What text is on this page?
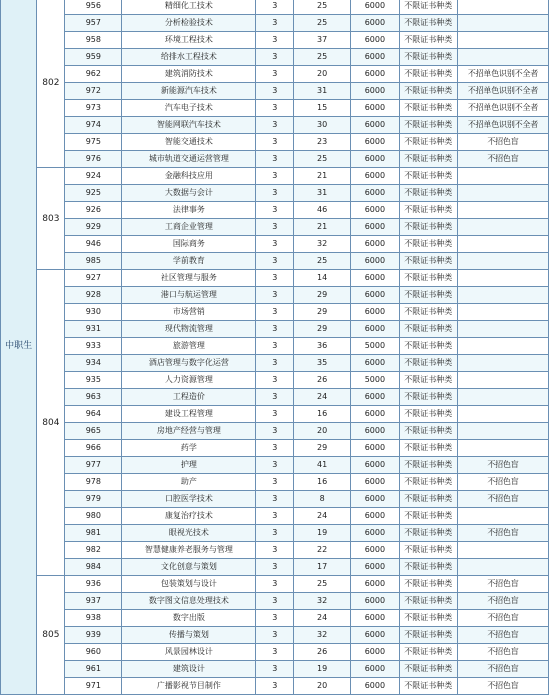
中职生	802	956	精细化工技术	3	25	6000	不限证书种类	
		957	分析检验技术	3	25	6000	不限证书种类	
		958	环境工程技术	3	37	6000	不限证书种类	
		959	给排水工程技术	3	25	6000	不限证书种类	
		962	建筑消防技术	3	20	6000	不限证书种类	不招单色识别不全者
		972	新能源汽车技术	3	31	6000	不限证书种类	不招单色识别不全者
		973	汽车电子技术	3	15	6000	不限证书种类	不招单色识别不全者
		974	智能网联汽车技术	3	30	6000	不限证书种类	不招单色识别不全者
		975	智能交通技术	3	23	6000	不限证书种类	不招色盲
		976	城市轨道交通运营管理	3	25	6000	不限证书种类	不招色盲
	803	924	金融科技应用	3	21	6000	不限证书种类	
		925	大数据与会计	3	31	6000	不限证书种类	
		926	法律事务	3	46	6000	不限证书种类	
		929	工商企业管理	3	21	6000	不限证书种类	
		946	国际商务	3	32	6000	不限证书种类	
		985	学前教育	3	25	6000	不限证书种类	
	804	927	社区管理与服务	3	14	6000	不限证书种类	
		928	港口与航运管理	3	29	6000	不限证书种类	
		930	市场营销	3	29	6000	不限证书种类	
		931	现代物流管理	3	29	6000	不限证书种类	
		933	旅游管理	3	36	5000	不限证书种类	
		934	酒店管理与数字化运营	3	35	6000	不限证书种类	
		935	人力资源管理	3	26	5000	不限证书种类	
		963	工程造价	3	24	6000	不限证书种类	
		964	建设工程管理	3	16	6000	不限证书种类	
		965	房地产经营与管理	3	20	6000	不限证书种类	
		966	药学	3	29	6000	不限证书种类	
		977	护理	3	41	6000	不限证书种类	不招色盲
		978	助产	3	16	6000	不限证书种类	不招色盲
		979	口腔医学技术	3	8	6000	不限证书种类	不招色盲
		980	康复治疗技术	3	24	6000	不限证书种类	
		981	眼视光技术	3	19	6000	不限证书种类	不招色盲
		982	智慧健康养老服务与管理	3	22	6000	不限证书种类	
		984	文化创意与策划	3	17	6000	不限证书种类	
	805	936	包装策划与设计	3	25	6000	不限证书种类	不招色盲
		937	数字图文信息处理技术	3	32	6000	不限证书种类	不招色盲
		938	数字出版	3	24	6000	不限证书种类	不招色盲
		939	传播与策划	3	32	6000	不限证书种类	不招色盲
		960	风景园林设计	3	26	6000	不限证书种类	不招色盲
		961	建筑设计	3	19	6000	不限证书种类	不招色盲
		971	广播影视节目制作	3	20	6000	不限证书种类	不招色盲
